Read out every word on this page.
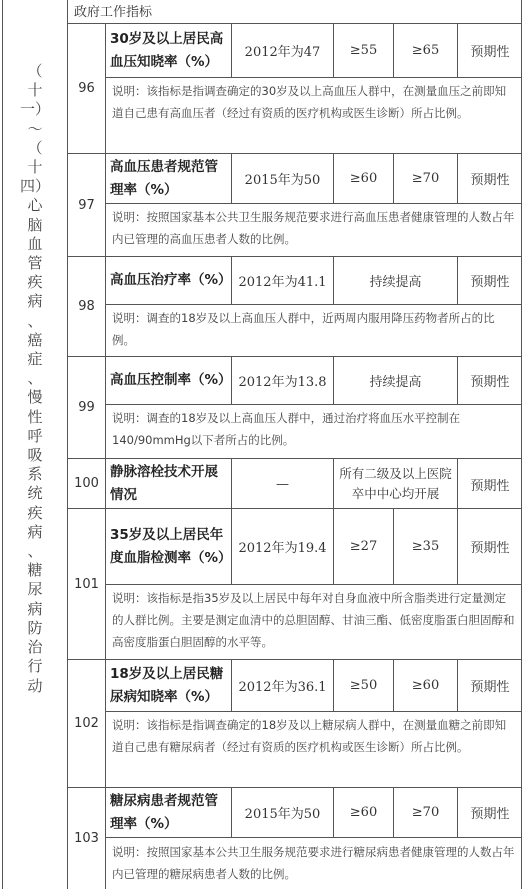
（
十
一）
～
（
十
四）
心
脑
血
管
疾
病
、
癌
症
、
慢
性
呼
吸
系
统
疾
病
、
糖
尿
病
防
治
行
动
政府工作指标
96
30岁及以上居民高血压知晓率（%）
2012年为47	≥55	≥65	预期性
说明：该指标是指调查确定的30岁及以上高血压人群中，在测量血压之前即知道自己患有高血压者（经过有资质的医疗机构或医生诊断）所占比例。
97
高血压患者规范管理率（%）
2015年为50	≥60	≥70	预期性
说明：按照国家基本公共卫生服务规范要求进行高血压患者健康管理的人数占年内已管理的高血压患者人数的比例。
98
高血压治疗率（%） 2012年为41.1	持续提高	预期性
说明：调查的18岁及以上高血压人群中，近两周内服用降压药物者所占的比例。
99
高血压控制率（%） 2012年为13.8	持续提高	预期性
说明：调查的18岁及以上高血压人群中，通过治疗将血压水平控制在140/90mmHg以下者所占的比例。
100
静脉溶栓技术开展情况
—
所有二级及以上医院卒中中心均开展	预期性
101
35岁及以上居民年度血脂检测率（%）
2012年为19.4	≥27	≥35	预期性
说明：该指标是指35岁及以上居民中每年对自身血液中所含脂类进行定量测定的人群比例。主要是测定血清中的总胆固醇、甘油三酯、低密度脂蛋白胆固醇和高密度脂蛋白胆固醇的水平等。
102
18岁及以上居民糖尿病知晓率（%）
2012年为36.1	≥50	≥60	预期性
说明：该指标是指调查确定的18岁及以上糖尿病人群中，在测量血糖之前即知道自己患有糖尿病者（经过有资质的医疗机构或医生诊断）所占比例。
103
糖尿病患者规范管理率（%）
2015年为50	≥60	≥70	预期性
说明：按照国家基本公共卫生服务规范要求进行糖尿病患者健康管理的人数占年内已管理的糖尿病患者人数的比例。
